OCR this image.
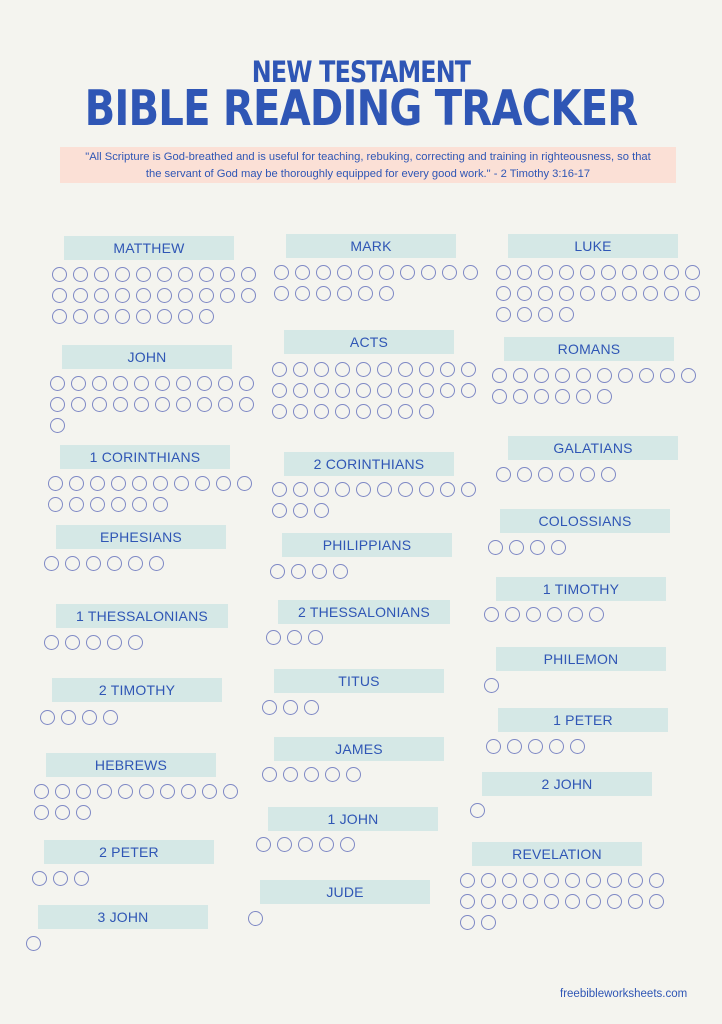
NEW TESTAMENT
BIBLE READING TRACKER
"All Scripture is God-breathed and is useful for teaching, rebuking, correcting and training in righteousness, so that
the servant of God may be thoroughly equipped for every good work." - 2 Timothy 3:16-17
MATTHEW	MARK	LUKE
JOHN
ACTS	ROMANS
1 CORINTHIANS	2 CORINTHIANS
GALATIANS
EPHESIANS	PHILIPPIANS
COLOSSIANS
1 THESSALONIANS	2 THESSALONIANS
1 TIMOTHY
2 TIMOTHY
TITUS
PHILEMON
HEBREWS
JAMES
1 PETER
2 PETER
1 JOHN
2 JOHN
3 JOHN
JUDE
REVELATION
freebibleworksheets.com
